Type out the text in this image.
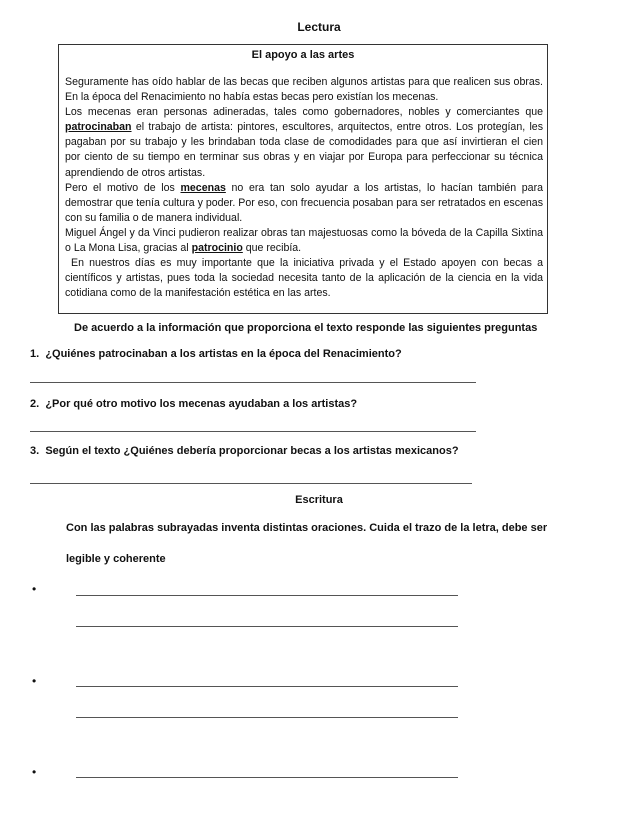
Lectura
El apoyo a las artes

Seguramente has oído hablar de las becas que reciben algunos artistas para que realicen sus obras. En la época del Renacimiento no había estas becas pero existían los mecenas.

Los mecenas eran personas adineradas, tales como gobernadores, nobles y comerciantes que patrocinaban el trabajo de artista: pintores, escultores, arquitectos, entre otros. Los protegían, les pagaban por su trabajo y les brindaban toda clase de comodidades para que así invirtieran el cien por ciento de su tiempo en terminar sus obras y en viajar por Europa para perfeccionar su técnica aprendiendo de otros artistas.

Pero el motivo de los mecenas no era tan solo ayudar a los artistas, lo hacían también para demostrar que tenía cultura y poder. Por eso, con frecuencia posaban para ser retratados en escenas con su familia o de manera individual.

Miguel Ángel y da Vinci pudieron realizar obras tan majestuosas como la bóveda de la Capilla Sixtina o La Mona Lisa, gracias al patrocinio que recibía.

En nuestros días es muy importante que la iniciativa privada y el Estado apoyen con becas a científicos y artistas, pues toda la sociedad necesita tanto de la aplicación de la ciencia en la vida cotidiana como de la manifestación estética en las artes.

De acuerdo a la información que proporciona el texto responde las siguientes preguntas
1. ¿Quiénes patrocinaban a los artistas en la época del Renacimiento?
2. ¿Por qué otro motivo los mecenas ayudaban a los artistas?
3. Según el texto ¿Quiénes debería proporcionar becas a los artistas mexicanos?
Escritura
Con las palabras subrayadas inventa distintas oraciones. Cuida el trazo de la letra, debe ser
legible y coherente
•
•
•
